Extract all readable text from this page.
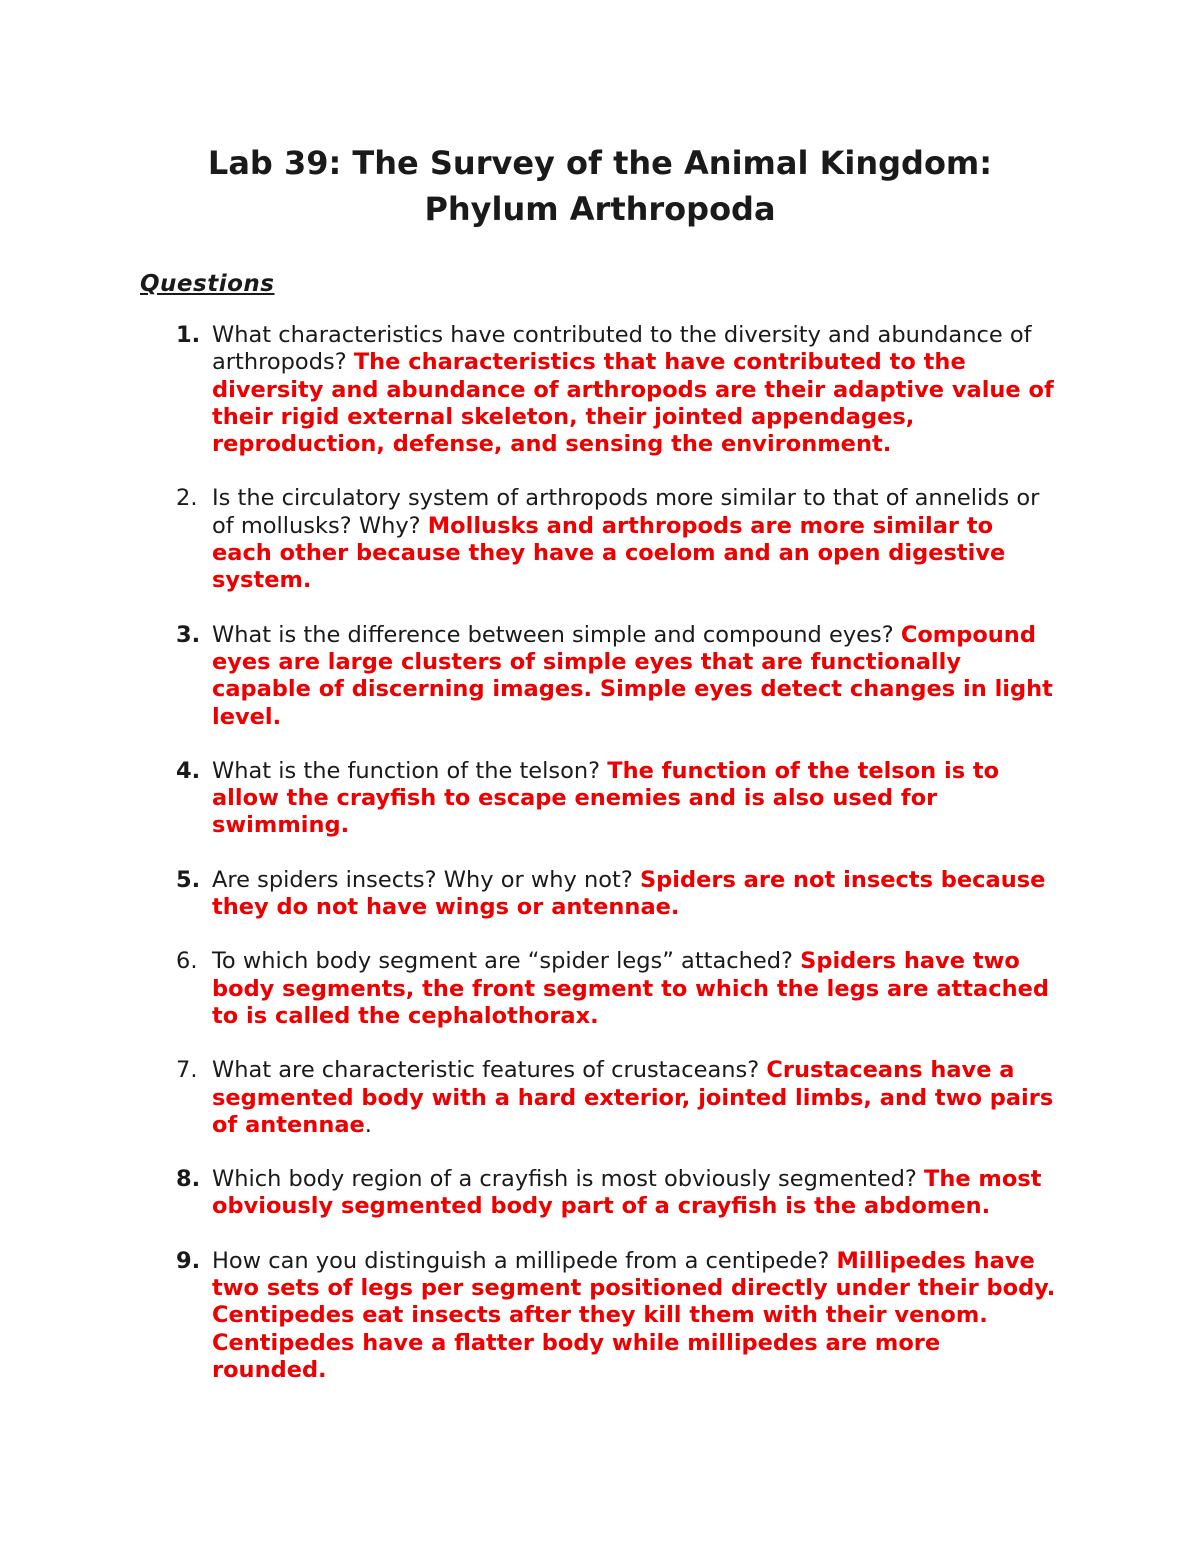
Lab 39: The Survey of the Animal Kingdom:
Phylum Arthropoda
Questions
1. What characteristics have contributed to the diversity and abundance of arthropods? The characteristics that have contributed to the diversity and abundance of arthropods are their adaptive value of their rigid external skeleton, their jointed appendages, reproduction, defense, and sensing the environment.
2. Is the circulatory system of arthropods more similar to that of annelids or of mollusks? Why? Mollusks and arthropods are more similar to each other because they have a coelom and an open digestive system.
3. What is the difference between simple and compound eyes? Compound eyes are large clusters of simple eyes that are functionally capable of discerning images. Simple eyes detect changes in light level.
4. What is the function of the telson? The function of the telson is to allow the crayfish to escape enemies and is also used for swimming.
5. Are spiders insects? Why or why not? Spiders are not insects because they do not have wings or antennae.
6. To which body segment are “spider legs” attached? Spiders have two body segments, the front segment to which the legs are attached to is called the cephalothorax.
7. What are characteristic features of crustaceans? Crustaceans have a segmented body with a hard exterior, jointed limbs, and two pairs of antennae.
8. Which body region of a crayfish is most obviously segmented? The most obviously segmented body part of a crayfish is the abdomen.
9. How can you distinguish a millipede from a centipede? Millipedes have two sets of legs per segment positioned directly under their body. Centipedes eat insects after they kill them with their venom. Centipedes have a flatter body while millipedes are more rounded.
